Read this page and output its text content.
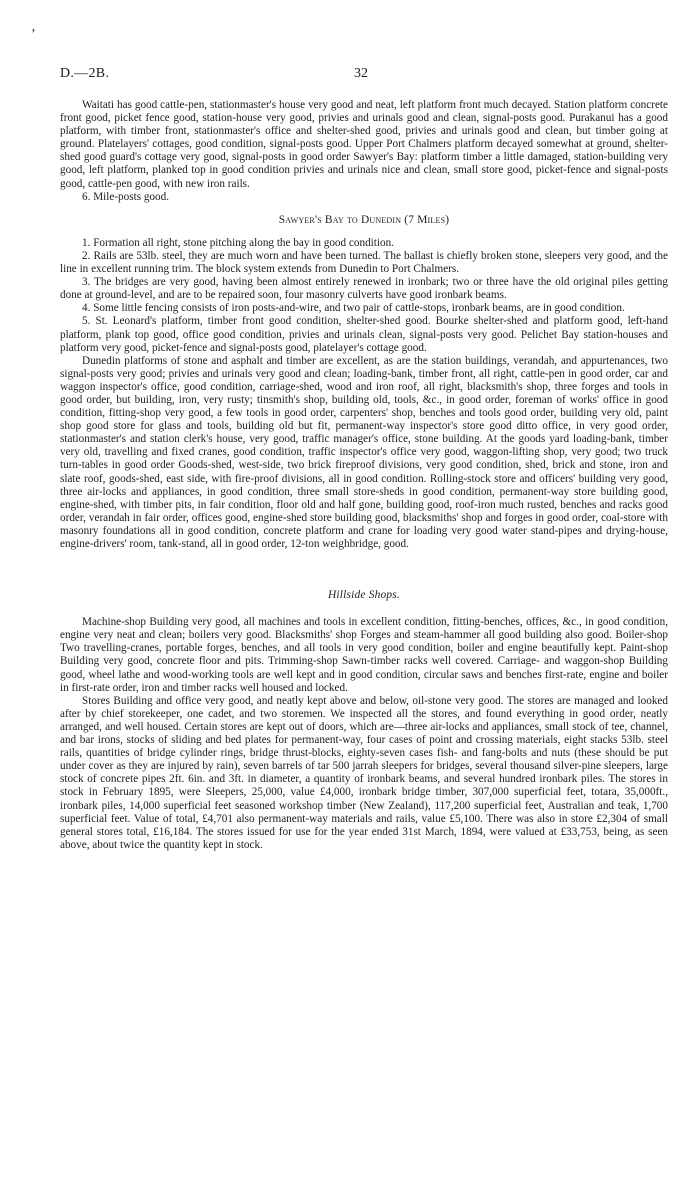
’
D.—2B.	32

Waitati has good cattle-pen, stationmaster's house very good and neat, left platform front much decayed. Station platform concrete front good, picket fence good, station-house very good, privies and urinals good and clean, signal-posts good. Purakanui has a good platform, with timber front, stationmaster's office and shelter-shed good, privies and urinals good and clean, but timber going at ground. Platelayers' cottages, good condition, signal-posts good. Upper Port Chalmers platform decayed somewhat at ground, shelter-shed good guard's cottage very good, signal-posts in good order Sawyer's Bay: platform timber a little damaged, station-building very good, left platform, planked top in good condition privies and urinals nice and clean, small store good, picket-fence and signal-posts good, cattle-pen good, with new iron rails.

6. Mile-posts good.

Sawyer's Bay to Dunedin (7 Miles)

1. Formation all right, stone pitching along the bay in good condition.

2. Rails are 53lb. steel, they are much worn and have been turned. The ballast is chiefly broken stone, sleepers very good, and the line in excellent running trim. The block system extends from Dunedin to Port Chalmers.

3. The bridges are very good, having been almost entirely renewed in ironbark; two or three have the old original piles getting done at ground-level, and are to be repaired soon, four masonry culverts have good ironbark beams.

4. Some little fencing consists of iron posts-and-wire, and two pair of cattle-stops, ironbark beams, are in good condition.

5. St. Leonard's platform, timber front good condition, shelter-shed good. Bourke shelter-shed and platform good, left-hand platform, plank top good, office good condition, privies and urinals clean, signal-posts very good. Pelichet Bay station-houses and platform very good, picket-fence and signal-posts good, platelayer's cottage good.

Dunedin platforms of stone and asphalt and timber are excellent, as are the station buildings, verandah, and appurtenances, two signal-posts very good; privies and urinals very good and clean; loading-bank, timber front, all right, cattle-pen in good order, car and waggon inspector's office, good condition, carriage-shed, wood and iron roof, all right, blacksmith's shop, three forges and tools in good order, but building, iron, very rusty; tinsmith's shop, building old, tools, &c., in good order, foreman of works' office in good condition, fitting-shop very good, a few tools in good order, carpenters' shop, benches and tools good order, building very old, paint shop good store for glass and tools, building old but fit, permanent-way inspector's store good ditto office, in very good order, stationmaster's and station clerk's house, very good, traffic manager's office, stone building. At the goods yard loading-bank, timber very old, travelling and fixed cranes, good condition, traffic inspector's office very good, waggon-lifting shop, very good; two truck turn-tables in good order Goods-shed, west-side, two brick fireproof divisions, very good condition, shed, brick and stone, iron and slate roof, goods-shed, east side, with fire-proof divisions, all in good condition. Rolling-stock store and officers' building very good, three air-locks and appliances, in good condition, three small store-sheds in good condition, permanent-way store building good, engine-shed, with timber pits, in fair condition, floor old and half gone, building good, roof-iron much rusted, benches and racks good order, verandah in fair order, offices good, engine-shed store building good, blacksmiths' shop and forges in good order, coal-store with masonry foundations all in good condition, concrete platform and crane for loading very good water stand-pipes and drying-house, engine-drivers' room, tank-stand, all in good order, 12-ton weighbridge, good.

Hillside Shops.

Machine-shop Building very good, all machines and tools in excellent condition, fitting-benches, offices, &c., in good condition, engine very neat and clean; boilers very good. Blacksmiths' shop Forges and steam-hammer all good building also good. Boiler-shop Two travelling-cranes, portable forges, benches, and all tools in very good condition, boiler and engine beautifully kept. Paint-shop Building very good, concrete floor and pits. Trimming-shop Sawn-timber racks well covered. Carriage- and waggon-shop Building good, wheel lathe and wood-working tools are well kept and in good condition, circular saws and benches first-rate, engine and boiler in first-rate order, iron and timber racks well housed and locked.

Stores Building and office very good, and neatly kept above and below, oil-stone very good. The stores are managed and looked after by chief storekeeper, one cadet, and two storemen. We inspected all the stores, and found everything in good order, neatly arranged, and well housed. Certain stores are kept out of doors, which are—three air-locks and appliances, small stock of tee, channel, and bar irons, stocks of sliding and bed plates for permanent-way, four cases of point and crossing materials, eight stacks 53lb. steel rails, quantities of bridge cylinder rings, bridge thrust-blocks, eighty-seven cases fish- and fang-bolts and nuts (these should be put under cover as they are injured by rain), seven barrels of tar 500 jarrah sleepers for bridges, several thousand silver-pine sleepers, large stock of concrete pipes 2ft. 6in. and 3ft. in diameter, a quantity of ironbark beams, and several hundred ironbark piles. The stores in stock in February 1895, were Sleepers, 25,000, value £4,000, ironbark bridge timber, 307,000 superficial feet, totara, 35,000ft., ironbark piles, 14,000 superficial feet seasoned workshop timber (New Zealand), 117,200 superficial feet, Australian and teak, 1,700 superficial feet. Value of total, £4,701 also permanent-way materials and rails, value £5,100. There was also in store £2,304 of small general stores total, £16,184. The stores issued for use for the year ended 31st March, 1894, were valued at £33,753, being, as seen above, about twice the quantity kept in stock.
